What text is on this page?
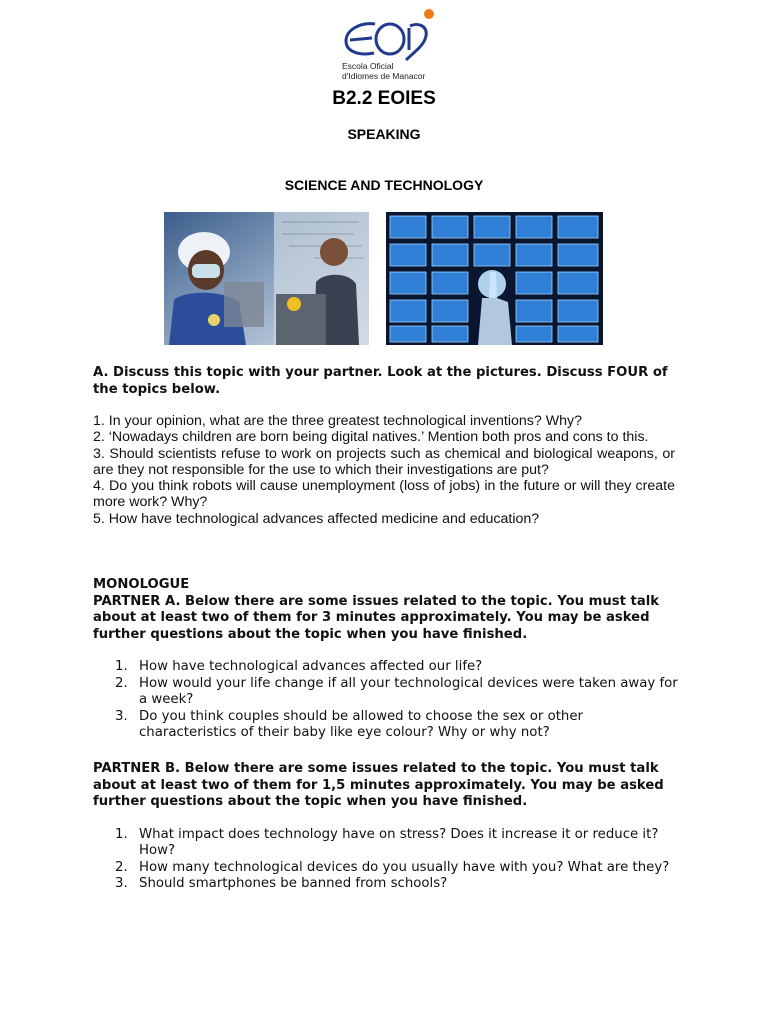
Escola Oficial
d'Idiomes de Manacor
B2.2 EOIES
SPEAKING
SCIENCE AND TECHNOLOGY

A. Discuss this topic with your partner. Look at the pictures. Discuss FOUR of the topics below.

1. In your opinion, what are the three greatest technological inventions? Why?

2. ‘Nowadays children are born being digital natives.’ Mention both pros and cons to this.

3. Should scientists refuse to work on projects such as chemical and biological weapons, or are they not responsible for the use to which their investigations are put?

4. Do you think robots will cause unemployment (loss of jobs) in the future or will they create more work? Why?

5. How have technological advances affected medicine and education?

MONOLOGUE

PARTNER A. Below there are some issues related to the topic. You must talk about at least two of them for 3 minutes approximately. You may be asked further questions about the topic when you have finished.

1. How have technological advances affected our life?
2. How would your life change if all your technological devices were taken away for a week?
3. Do you think couples should be allowed to choose the sex or other characteristics of their baby like eye colour? Why or why not?

PARTNER B. Below there are some issues related to the topic. You must talk about at least two of them for 1,5 minutes approximately. You may be asked further questions about the topic when you have finished.

1. What impact does technology have on stress? Does it increase it or reduce it? How?
2. How many technological devices do you usually have with you? What are they?
3. Should smartphones be banned from schools?
